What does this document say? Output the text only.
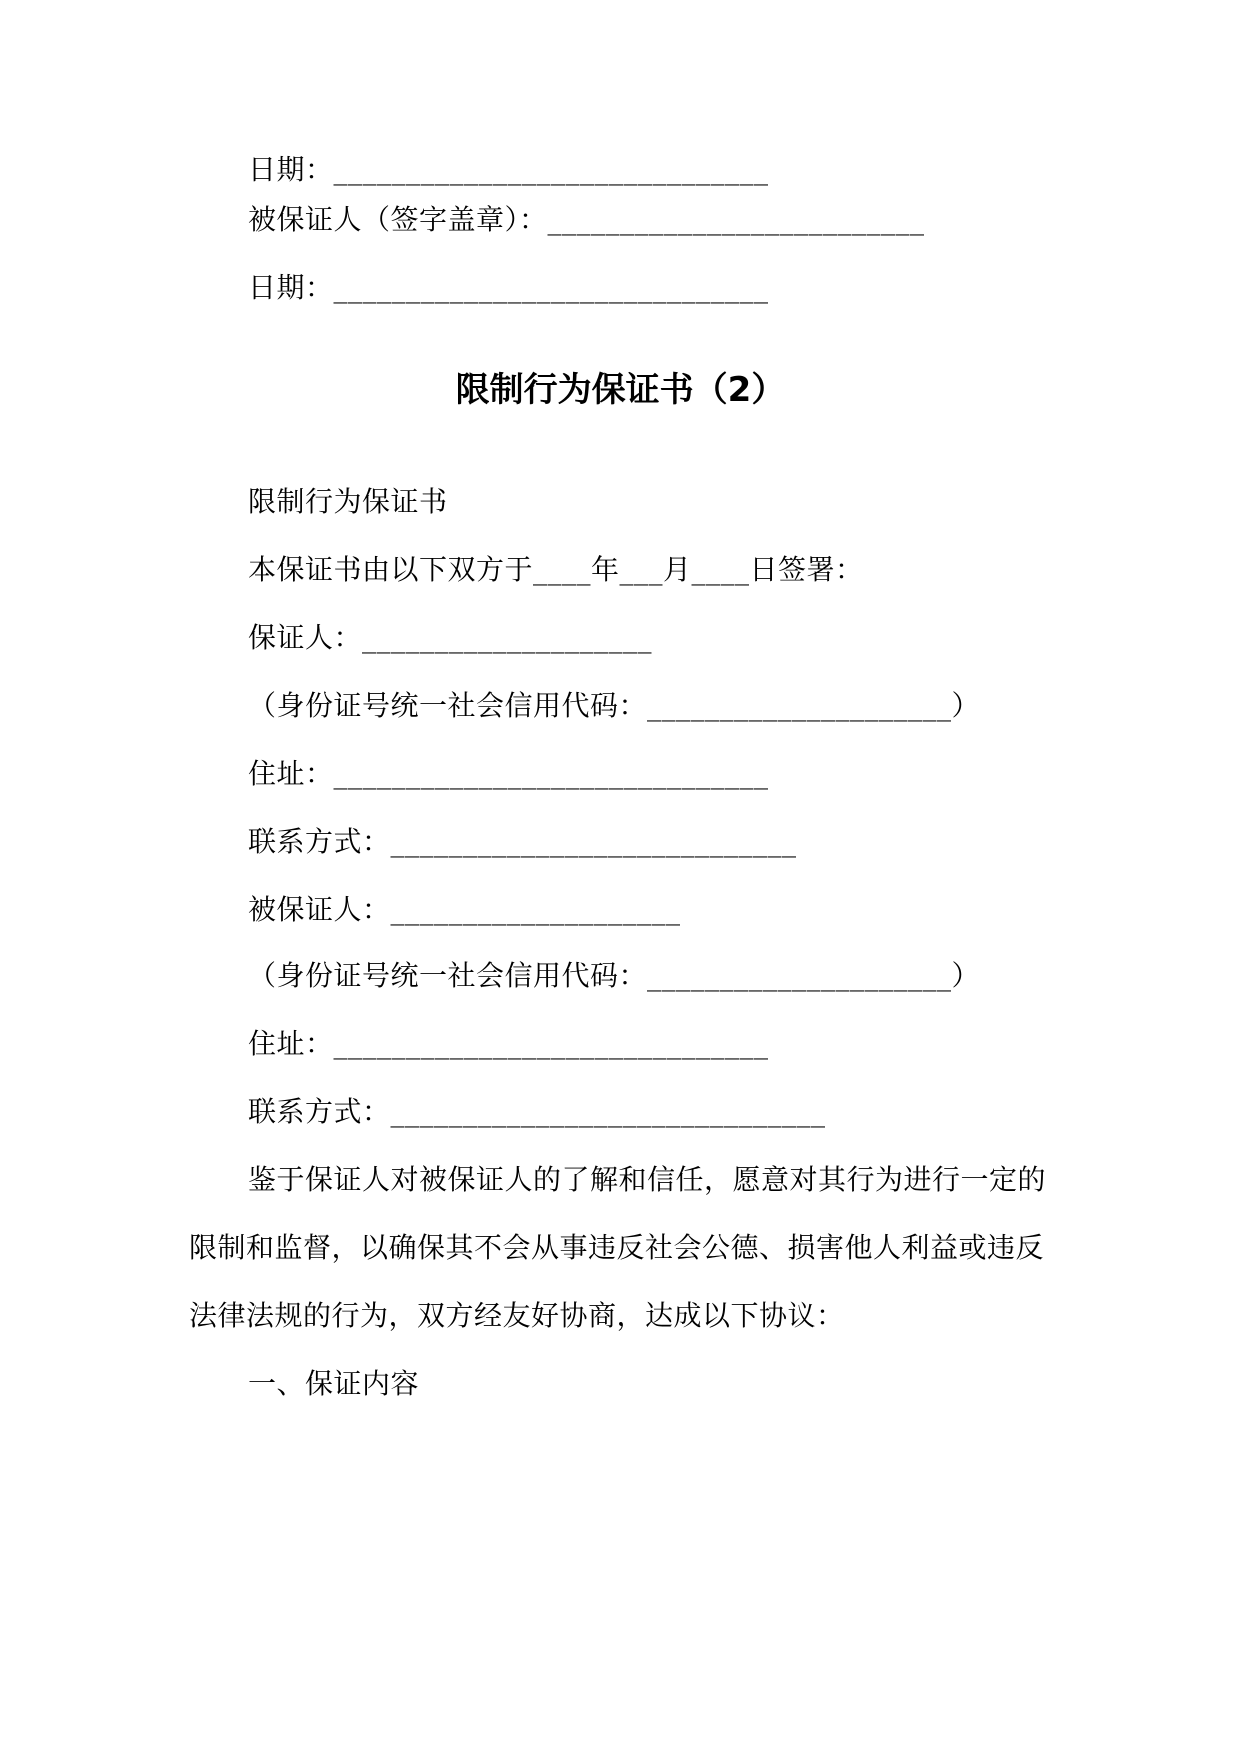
日期：______________________________
被保证人（签字盖章）：__________________________
日期：______________________________
限制行为保证书（2）
限制行为保证书
本保证书由以下双方于____年___月____日签署：
保证人：____________________
（身份证号统一社会信用代码：_____________________）
住址：______________________________
联系方式：____________________________
被保证人：____________________
（身份证号统一社会信用代码：_____________________）
住址：______________________________
联系方式：______________________________
鉴于保证人对被保证人的了解和信任，愿意对其行为进行一定的
限制和监督，以确保其不会从事违反社会公德、损害他人利益或违反
法律法规的行为，双方经友好协商，达成以下协议：
一、保证内容
